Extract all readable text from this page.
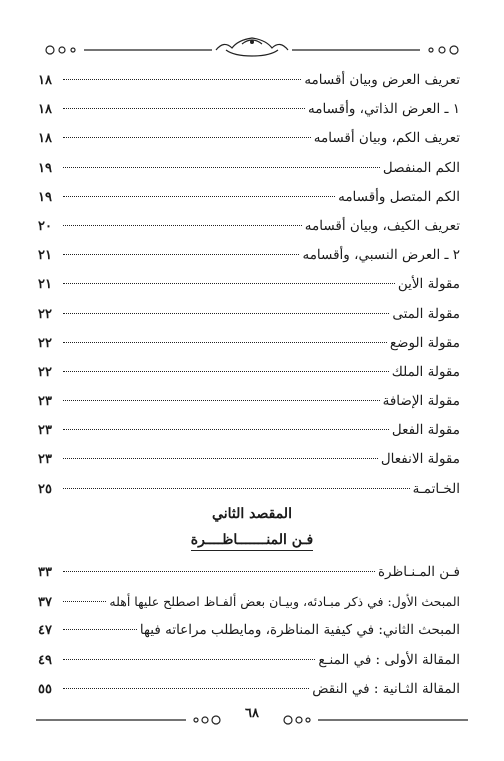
تعريف العرض وبيان أقسامه
١٨
١ ـ العرض الذاتي، وأقسامه
١٨
تعريف الكم، وبيان أقسامه
١٨
الكم المنفصل
١٩
الكم المتصل وأقسامه
١٩
تعريف الكيف، وبيان أقسامه
٢٠
٢ ـ العرض النسبي، وأقسامه
٢١
مقولة الأين
٢١
مقولة المتى
٢٢
مقولة الوضع
٢٢
مقولة الملك
٢٢
مقولة الإضافة
٢٣
مقولة الفعل
٢٣
مقولة الانفعال
٢٣
الخـاتمـة
٢٥
المقصد الثاني
فـن المنـــــــاظــــرة
فـن المـنـاظرة
٣٣
المبحث الأول: في ذكر مبـادئه، وبيـان بعض ألفـاظ اصطلح عليها أهله
٣٧
المبحث الثاني: في كيفية المناظرة، ومايطلب مراعاته فيها
٤٧
المقالة الأولى : في المنـع
٤٩
المقالة الثـانية : في النقض
٥٥
٦٨
